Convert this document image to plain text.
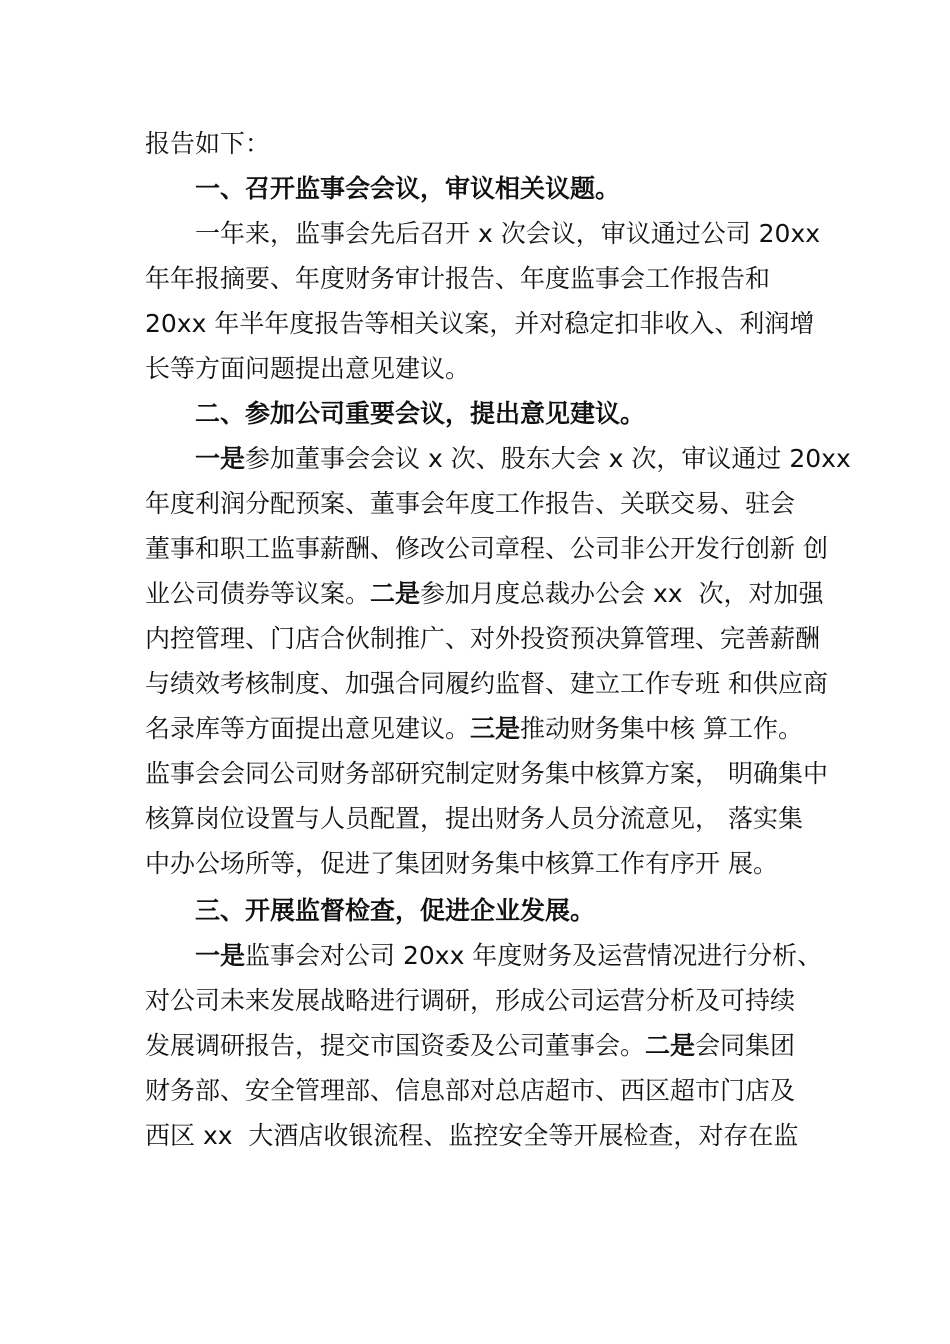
报告如下：
一、召开监事会会议，审议相关议题。
一年来，监事会先后召开 x 次会议，审议通过公司 20xx
年年报摘要、年度财务审计报告、年度监事会工作报告和
20xx 年半年度报告等相关议案，并对稳定扣非收入、利润增
长等方面问题提出意见建议。
二、参加公司重要会议，提出意见建议。
一是参加董事会会议 x 次、股东大会 x 次，审议通过 20xx
年度利润分配预案、董事会年度工作报告、关联交易、驻会
董事和职工监事薪酬、修改公司章程、公司非公开发行创新 创
业公司债券等议案。二是参加月度总裁办公会 xx  次，对加强
内控管理、门店合伙制推广、对外投资预决算管理、完善薪酬
与绩效考核制度、加强合同履约监督、建立工作专班 和供应商
名录库等方面提出意见建议。三是推动财务集中核 算工作。
监事会会同公司财务部研究制定财务集中核算方案， 明确集中
核算岗位设置与人员配置，提出财务人员分流意见， 落实集
中办公场所等，促进了集团财务集中核算工作有序开 展。
三、开展监督检查，促进企业发展。
一是监事会对公司 20xx 年度财务及运营情况进行分析、
对公司未来发展战略进行调研，形成公司运营分析及可持续
发展调研报告，提交市国资委及公司董事会。二是会同集团
财务部、安全管理部、信息部对总店超市、西区超市门店及
西区 xx  大酒店收银流程、监控安全等开展检查，对存在监
